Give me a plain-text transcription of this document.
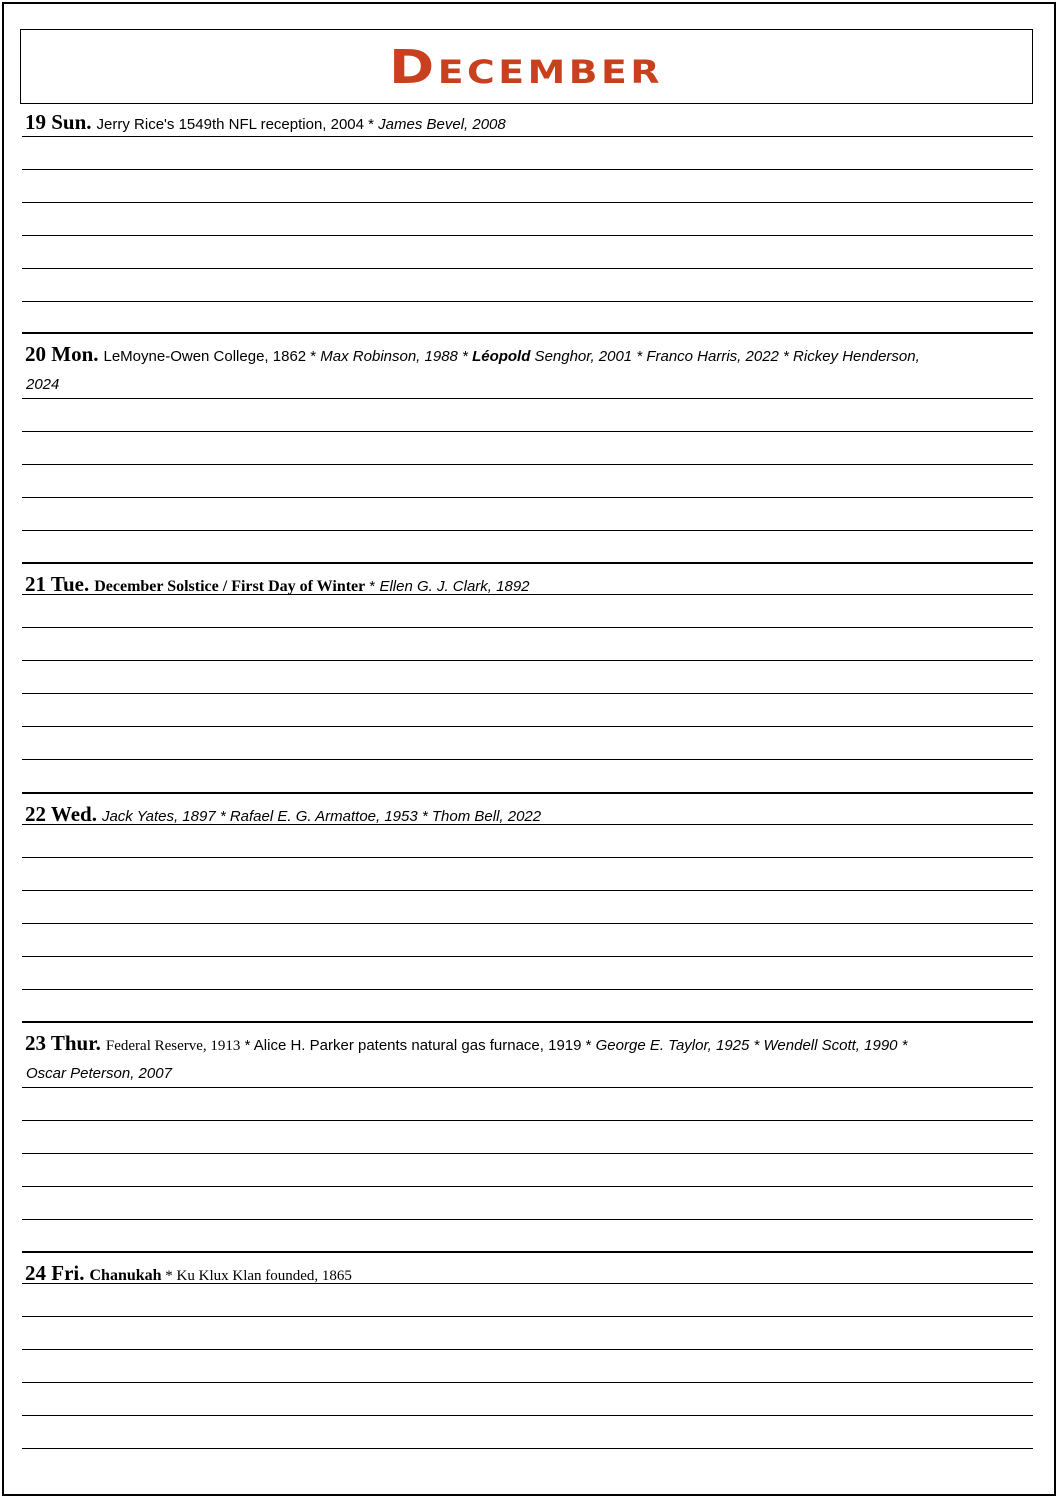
December
19 Sun. Jerry Rice's 1549th NFL reception, 2004 * James Bevel, 2008
20 Mon. LeMoyne-Owen College, 1862 * Max Robinson, 1988 * Léopold Senghor, 2001 * Franco Harris, 2022 * Rickey Henderson,
2024
21 Tue. December Solstice / First Day of Winter * Ellen G. J. Clark, 1892
22 Wed. Jack Yates, 1897 * Rafael E. G. Armattoe, 1953 * Thom Bell, 2022
23 Thur. Federal Reserve, 1913 * Alice H. Parker patents natural gas furnace, 1919 * George E. Taylor, 1925 * Wendell Scott, 1990 *
Oscar Peterson, 2007
24 Fri. Chanukah * Ku Klux Klan founded, 1865
